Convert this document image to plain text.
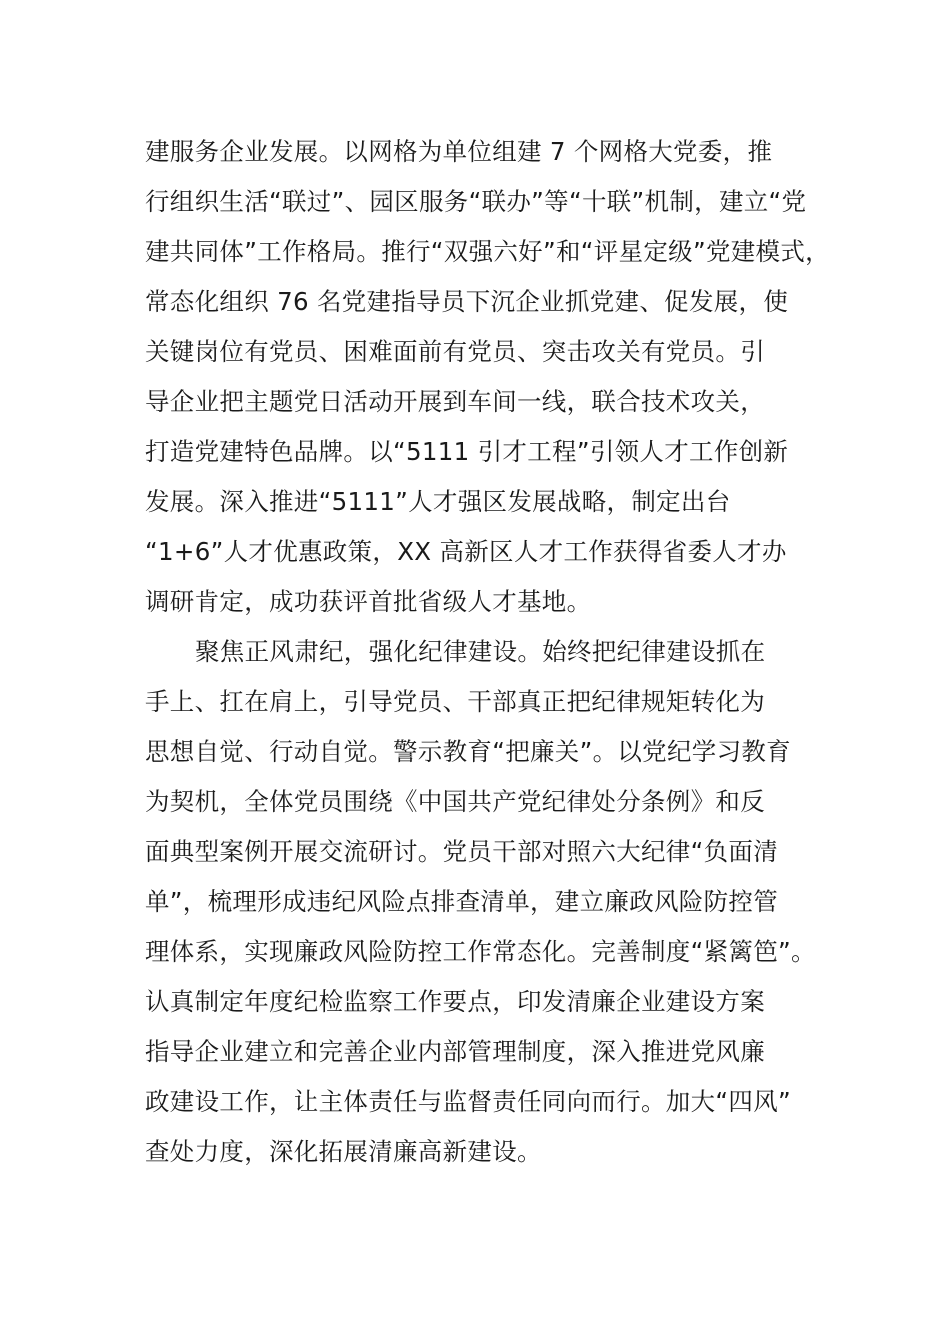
建服务企业发展。以网格为单位组建 7 个网格大党委，推
行组织生活“联过”、园区服务“联办”等“十联”机制，建立“党
建共同体”工作格局。推行“双强六好”和“评星定级”党建模式，
常态化组织 76 名党建指导员下沉企业抓党建、促发展，使
关键岗位有党员、困难面前有党员、突击攻关有党员。引
导企业把主题党日活动开展到车间一线，联合技术攻关，
打造党建特色品牌。以“5111 引才工程”引领人才工作创新
发展。深入推进“5111”人才强区发展战略，制定出台
“1+6”人才优惠政策，XX 高新区人才工作获得省委人才办
调研肯定，成功获评首批省级人才基地。
聚焦正风肃纪，强化纪律建设。始终把纪律建设抓在
手上、扛在肩上，引导党员、干部真正把纪律规矩转化为
思想自觉、行动自觉。警示教育“把廉关”。以党纪学习教育
为契机，全体党员围绕《中国共产党纪律处分条例》和反
面典型案例开展交流研讨。党员干部对照六大纪律“负面清
单”，梳理形成违纪风险点排查清单，建立廉政风险防控管
理体系，实现廉政风险防控工作常态化。完善制度“紧篱笆”。
认真制定年度纪检监察工作要点，印发清廉企业建设方案
指导企业建立和完善企业内部管理制度，深入推进党风廉
政建设工作，让主体责任与监督责任同向而行。加大“四风”
查处力度，深化拓展清廉高新建设。
